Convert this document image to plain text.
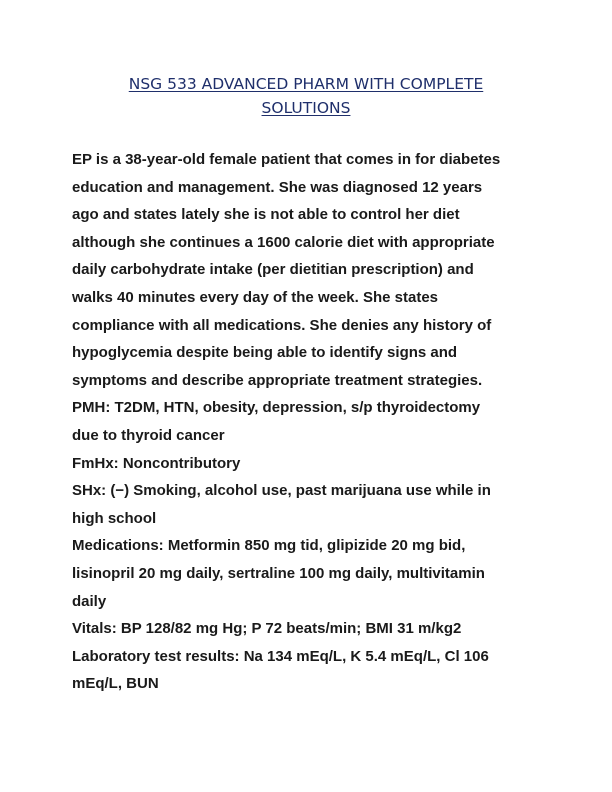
NSG 533 ADVANCED PHARM WITH COMPLETE
SOLUTIONS

EP is a 38-year-old female patient that comes in for diabetes

education and management. She was diagnosed 12 years

ago and states lately she is not able to control her diet

although she continues a 1600 calorie diet with appropriate

daily carbohydrate intake (per dietitian prescription) and

walks 40 minutes every day of the week. She states

compliance with all medications. She denies any history of

hypoglycemia despite being able to identify signs and

symptoms and describe appropriate treatment strategies.

PMH: T2DM, HTN, obesity, depression, s/p thyroidectomy

due to thyroid cancer

FmHx: Noncontributory

SHx: (−) Smoking, alcohol use, past marijuana use while in

high school

Medications: Metformin 850 mg tid, glipizide 20 mg bid,

lisinopril 20 mg daily, sertraline 100 mg daily, multivitamin

daily

Vitals: BP 128/82 mg Hg; P 72 beats/min; BMI 31 m/kg2

Laboratory test results: Na 134 mEq/L, K 5.4 mEq/L, Cl 106

mEq/L, BUN
